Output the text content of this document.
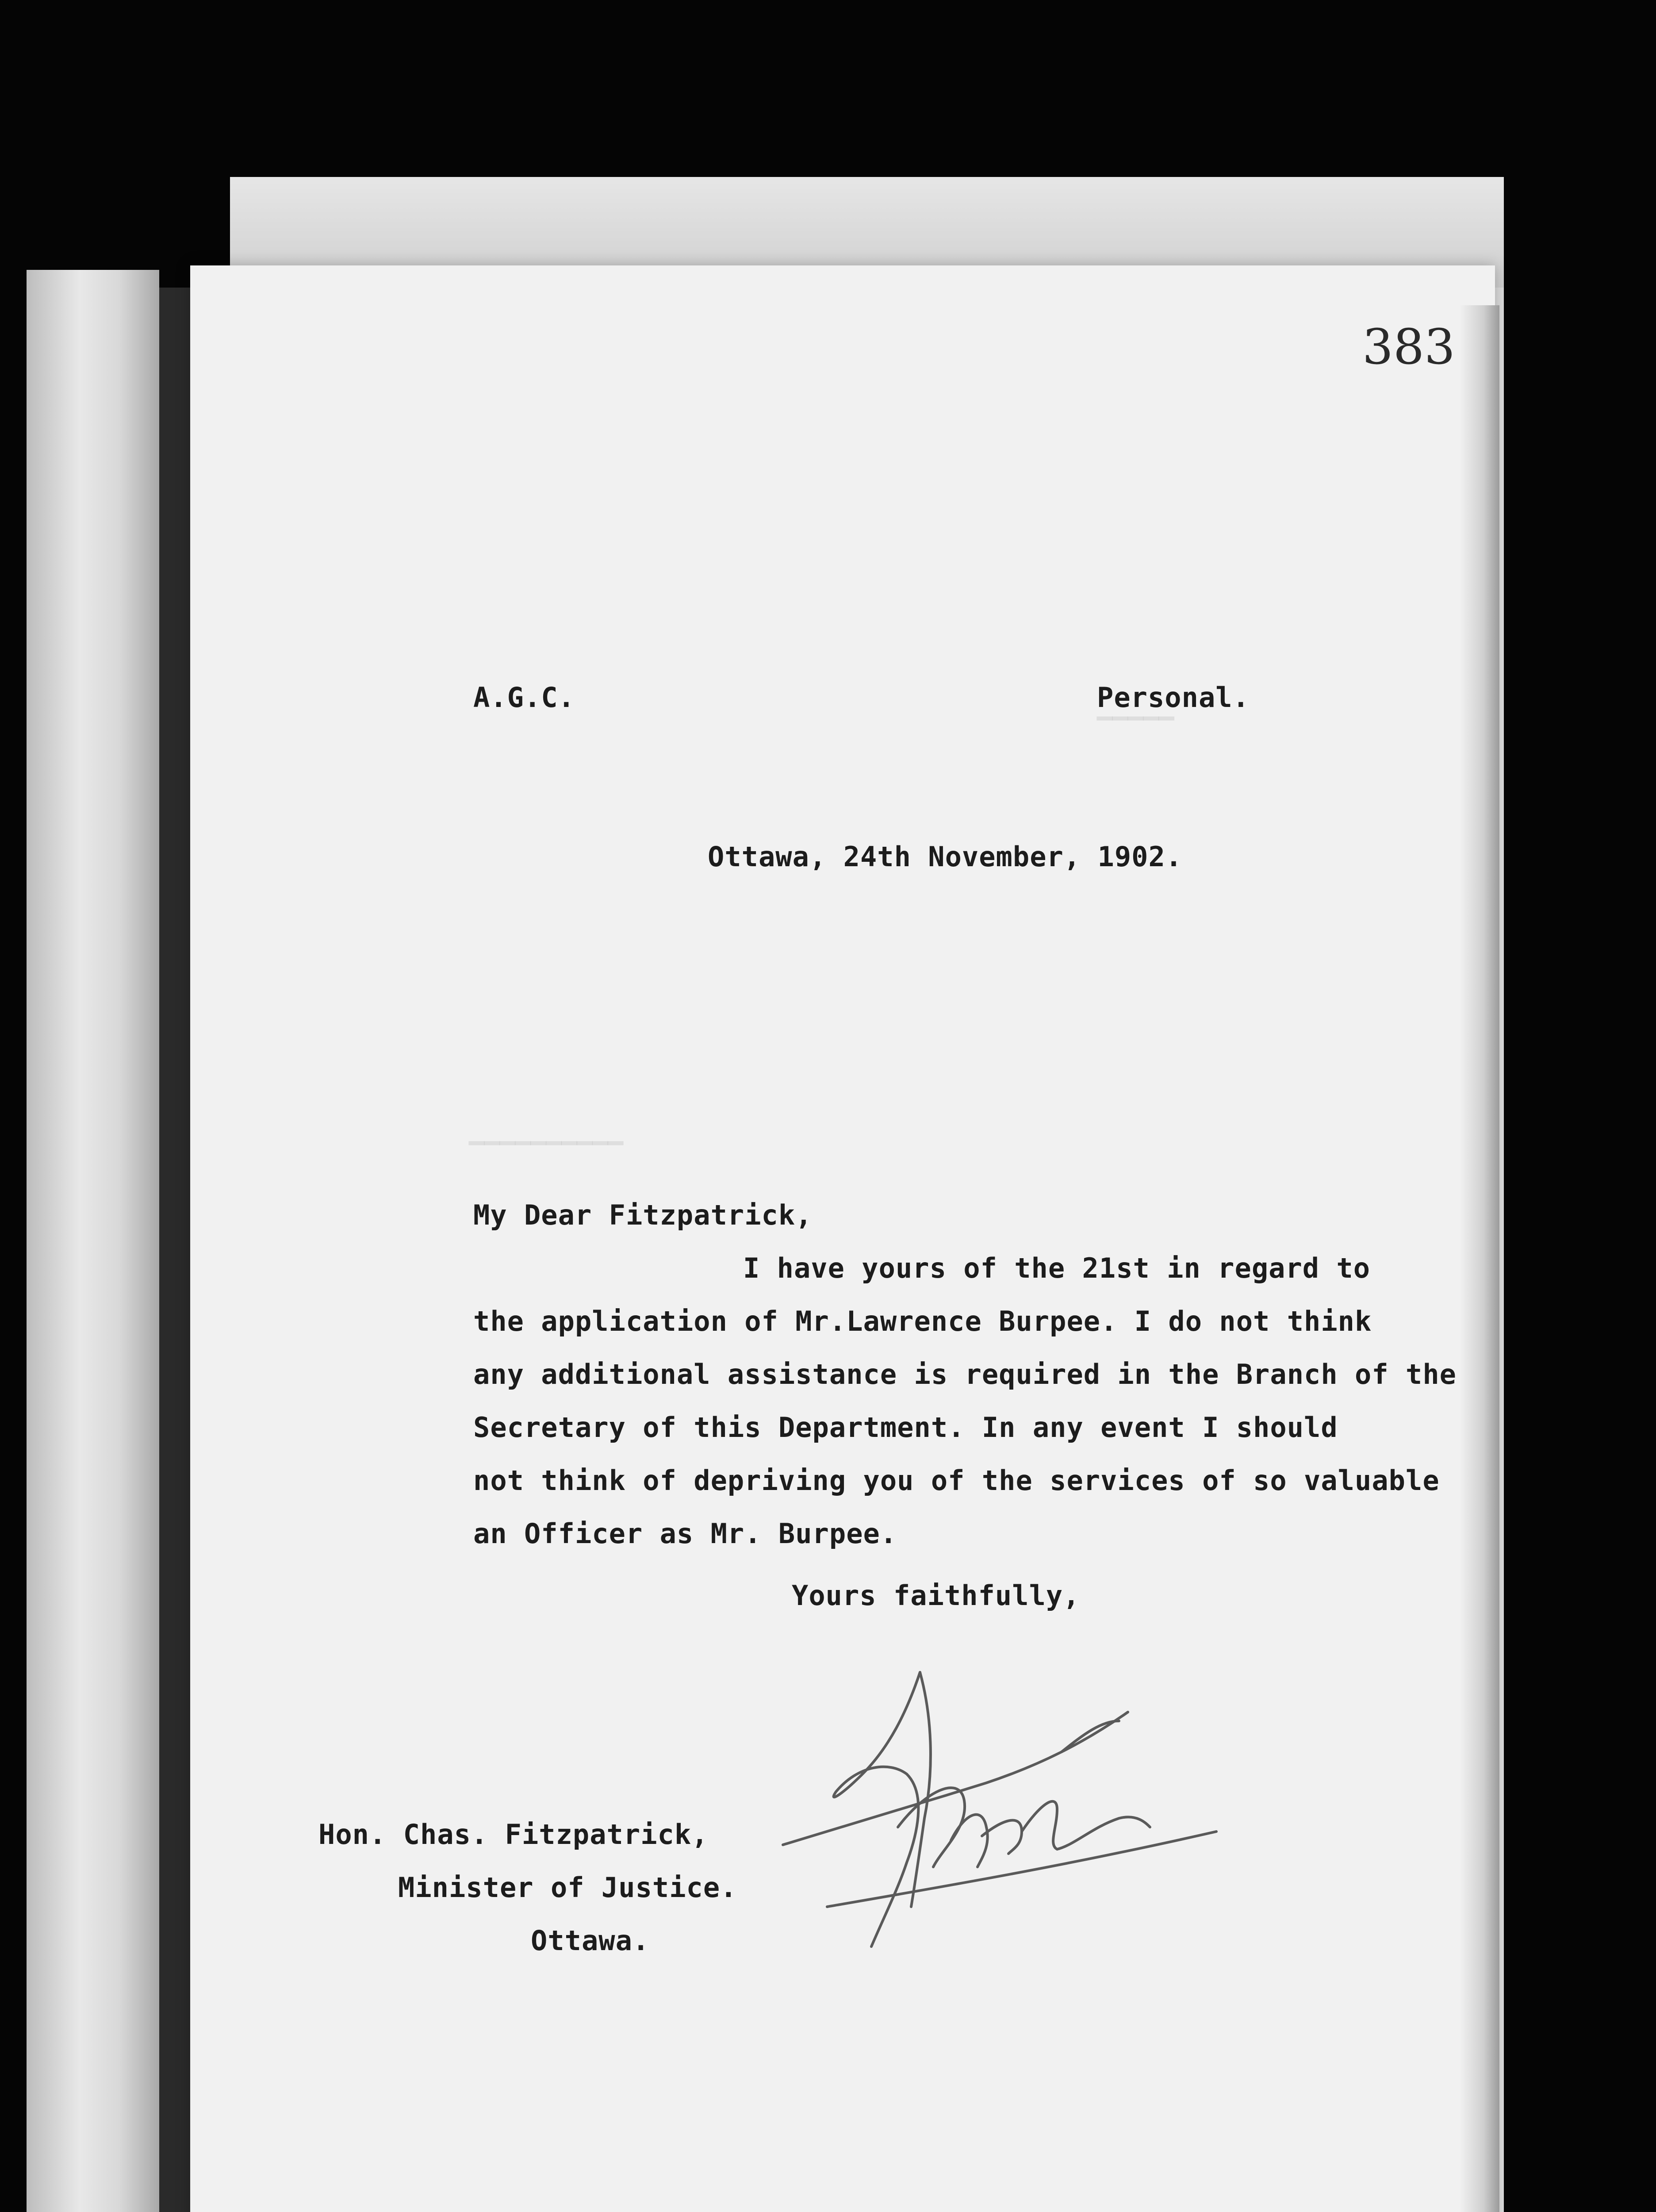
▔▔▔▔▔
▔▔▔▔▔▔▔▔▔▔
383
A.G.C.	Personal.
Ottawa, 24th November, 1902.
My Dear Fitzpatrick,
I have yours of the 21st in regard to
the application of Mr.Lawrence Burpee. I do not think
any additional assistance is required in the Branch of the
Secretary of this Department. In any event I should
not think of depriving you of the services of so valuable
an Officer as Mr. Burpee.
Yours faithfully,
Hon. Chas. Fitzpatrick,
Minister of Justice.
Ottawa.
